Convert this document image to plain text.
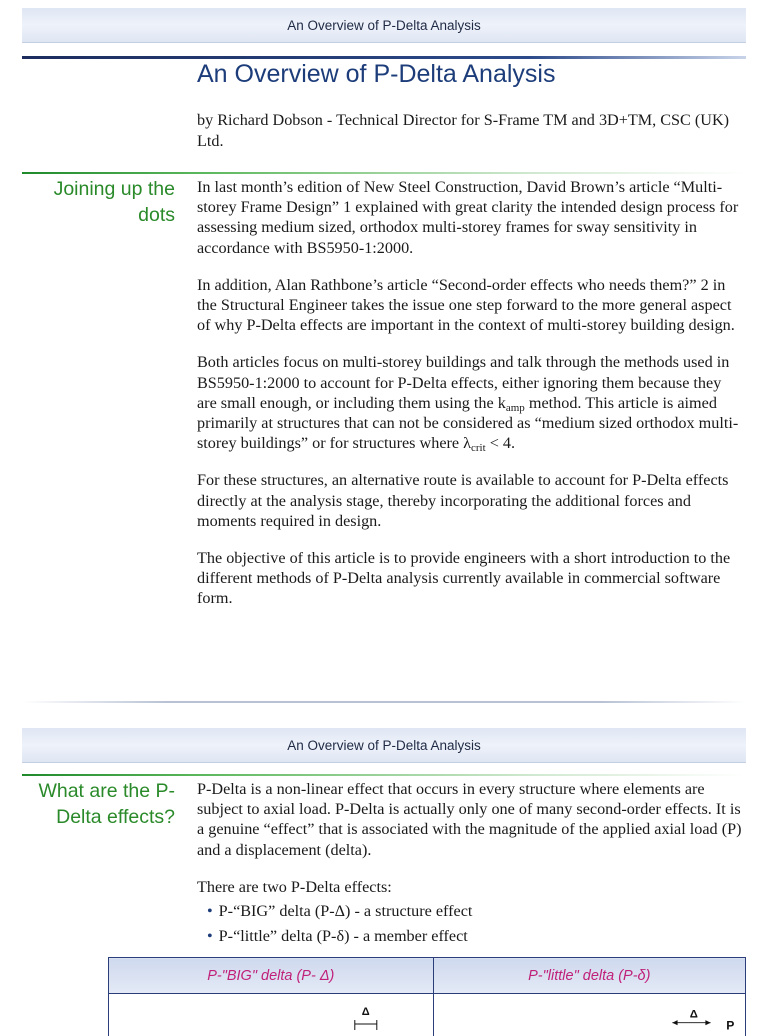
An Overview of P-Delta Analysis
An Overview of P-Delta Analysis
by Richard Dobson - Technical Director for S-Frame TM and 3D+TM, CSC (UK) Ltd.
Joining up the dots

In last month’s edition of New Steel Construction, David Brown’s article “Multi-storey Frame Design” 1 explained with great clarity the intended design process for assessing medium sized, orthodox multi-storey frames for sway sensitivity in accordance with BS5950-1:2000.

In addition, Alan Rathbone’s article “Second-order effects who needs them?” 2 in the Structural Engineer takes the issue one step forward to the more general aspect of why P-Delta effects are important in the context of multi-storey building design.

Both articles focus on multi-storey buildings and talk through the methods used in BS5950-1:2000 to account for P-Delta effects, either ignoring them because they are small enough, or including them using the $k_{amp}$ method. This article is aimed primarily at structures that can not be considered as “medium sized orthodox multi-storey buildings” or for structures where $\lambda_{crit} < 4$.

For these structures, an alternative route is available to account for P-Delta effects directly at the analysis stage, thereby incorporating the additional forces and moments required in design.

The objective of this article is to provide engineers with a short introduction to the different methods of P-Delta analysis currently available in commercial software form.

An Overview of P-Delta Analysis
What are the P-Delta effects?

P-Delta is a non-linear effect that occurs in every structure where elements are subject to axial load. P-Delta is actually only one of many second-order effects. It is a genuine “effect” that is associated with the magnitude of the applied axial load (P) and a displacement (delta).

There are two P-Delta effects:

• P-“BIG” delta (P-Δ) - a structure effect
• P-“little” delta (P-δ) - a member effect
P-"BIG" delta (P- Δ)	P-"little" delta (P-δ)

Δ	Δ
P
